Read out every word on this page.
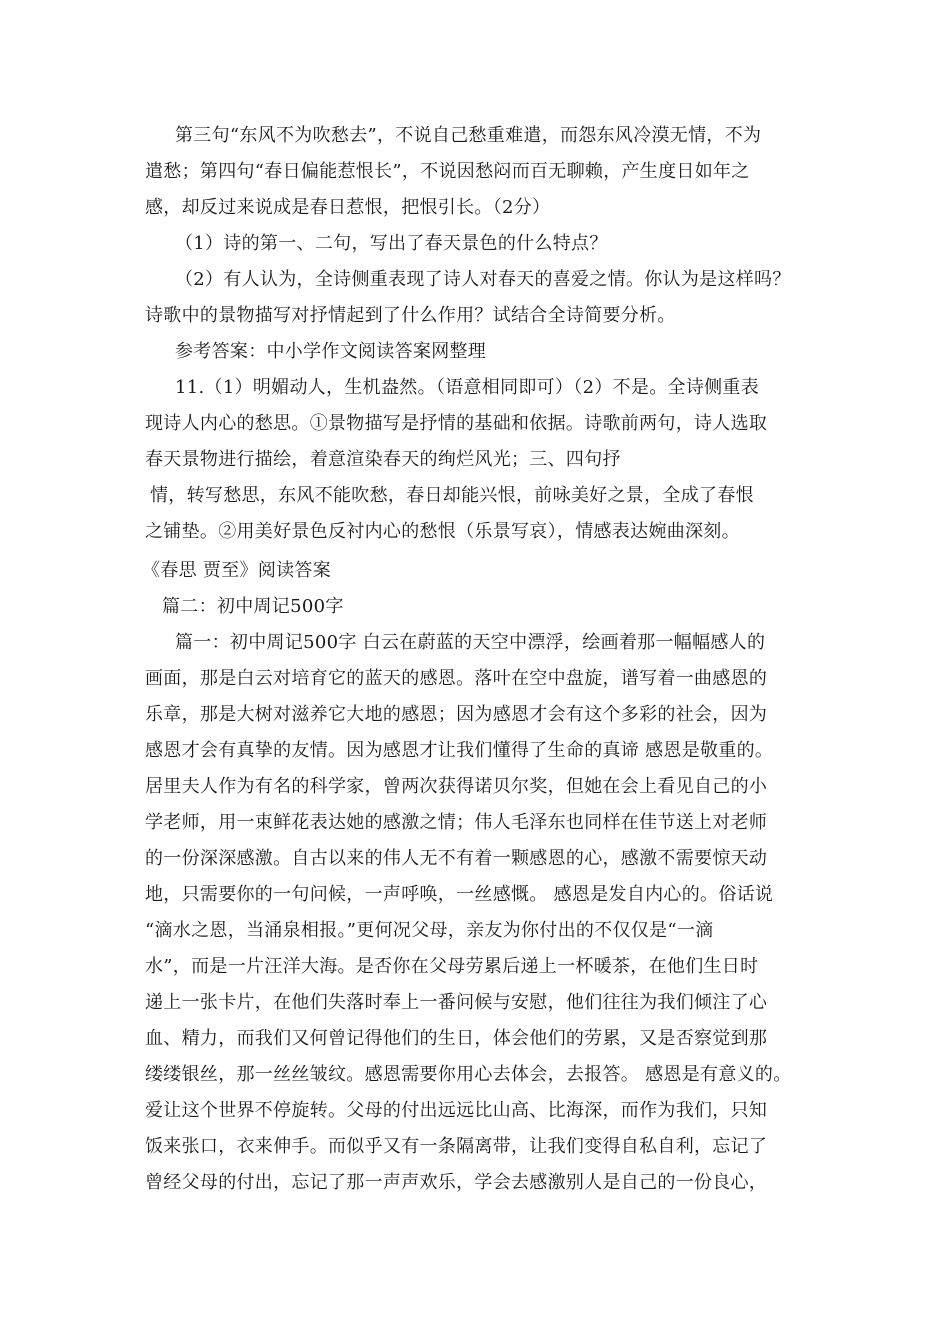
第三句“东风不为吹愁去”，不说自己愁重难遣，而怨东风冷漠无情，不为
遣愁；第四句“春日偏能惹恨长”，不说因愁闷而百无聊赖，产生度日如年之
感，却反过来说成是春日惹恨，把恨引长。（2分）
（1）诗的第一、二句，写出了春天景色的什么特点？
（2）有人认为，全诗侧重表现了诗人对春天的喜爱之情。你认为是这样吗？
诗歌中的景物描写对抒情起到了什么作用？试结合全诗简要分析。
参考答案：中小学作文阅读答案网整理
11.（1）明媚动人，生机盎然。（语意相同即可）（2）不是。全诗侧重表
现诗人内心的愁思。①景物描写是抒情的基础和依据。诗歌前两句，诗人选取
春天景物进行描绘，着意渲染春天的绚烂风光；三、四句抒
情，转写愁思，东风不能吹愁，春日却能兴恨，前咏美好之景，全成了春恨
之铺垫。②用美好景色反衬内心的愁恨（乐景写哀），情感表达婉曲深刻。
《春思 贾至》阅读答案
篇二：初中周记500字
篇一：初中周记500字 白云在蔚蓝的天空中漂浮，绘画着那一幅幅感人的
画面，那是白云对培育它的蓝天的感恩。落叶在空中盘旋，谱写着一曲感恩的
乐章，那是大树对滋养它大地的感恩；因为感恩才会有这个多彩的社会，因为
感恩才会有真挚的友情。因为感恩才让我们懂得了生命的真谛 感恩是敬重的。
居里夫人作为有名的科学家，曾两次获得诺贝尔奖，但她在会上看见自己的小
学老师，用一束鲜花表达她的感激之情；伟人毛泽东也同样在佳节送上对老师
的一份深深感激。自古以来的伟人无不有着一颗感恩的心，感激不需要惊天动
地，只需要你的一句问候，一声呼唤，一丝感慨。 感恩是发自内心的。俗话说
“滴水之恩，当涌泉相报。”更何况父母，亲友为你付出的不仅仅是“一滴
水”，而是一片汪洋大海。是否你在父母劳累后递上一杯暖茶，在他们生日时
递上一张卡片，在他们失落时奉上一番问候与安慰，他们往往为我们倾注了心
血、精力，而我们又何曾记得他们的生日，体会他们的劳累，又是否察觉到那
缕缕银丝，那一丝丝皱纹。感恩需要你用心去体会，去报答。 感恩是有意义的。
爱让这个世界不停旋转。父母的付出远远比山高、比海深，而作为我们，只知
饭来张口，衣来伸手。而似乎又有一条隔离带，让我们变得自私自利，忘记了
曾经父母的付出，忘记了那一声声欢乐，学会去感激别人是自己的一份良心，
